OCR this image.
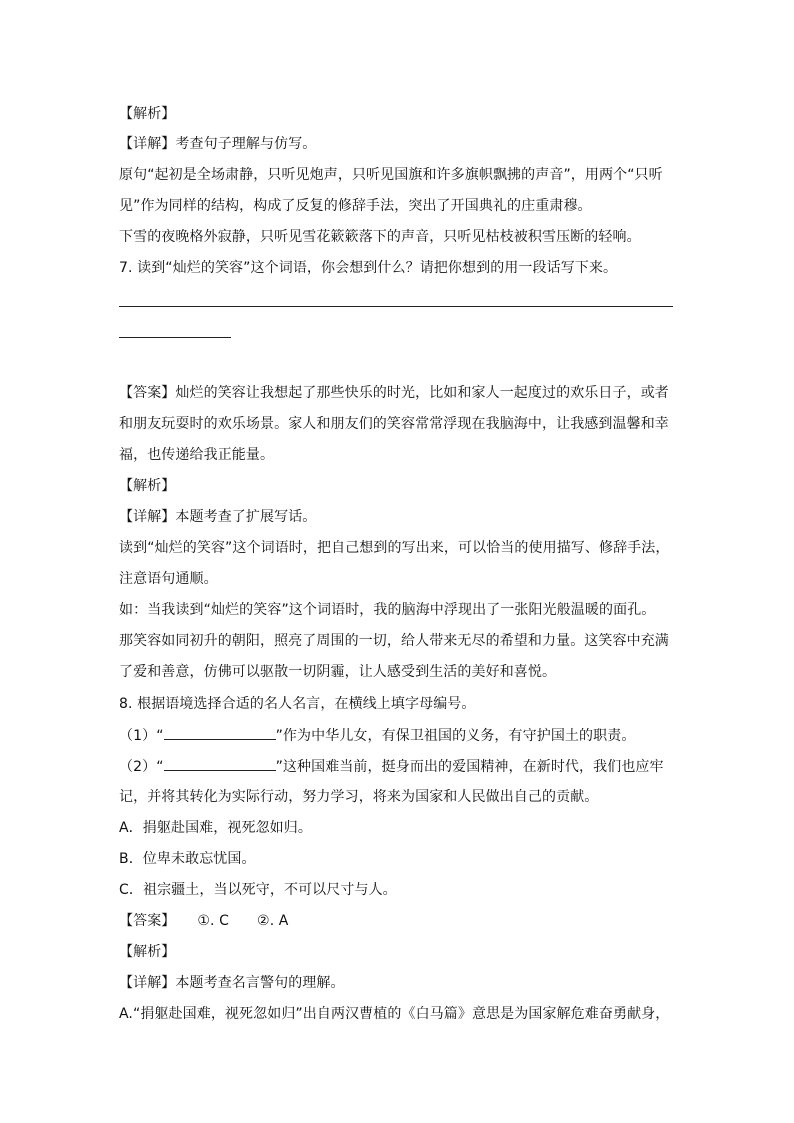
【解析】
【详解】考查句子理解与仿写。
原句“起初是全场肃静，只听见炮声，只听见国旗和许多旗帜飘拂的声音”，用两个“只听
见”作为同样的结构，构成了反复的修辞手法，突出了开国典礼的庄重肃穆。
下雪的夜晚格外寂静，只听见雪花簌簌落下的声音，只听见枯枝被积雪压断的轻响。
7. 读到“灿烂的笑容”这个词语，你会想到什么？请把你想到的用一段话写下来。
【答案】灿烂的笑容让我想起了那些快乐的时光，比如和家人一起度过的欢乐日子，或者
和朋友玩耍时的欢乐场景。家人和朋友们的笑容常常浮现在我脑海中，让我感到温馨和幸
福，也传递给我正能量。
【解析】
【详解】本题考查了扩展写话。
读到“灿烂的笑容”这个词语时，把自己想到的写出来，可以恰当的使用描写、修辞手法，
注意语句通顺。
如：当我读到“灿烂的笑容”这个词语时，我的脑海中浮现出了一张阳光般温暖的面孔。
那笑容如同初升的朝阳，照亮了周围的一切，给人带来无尽的希望和力量。这笑容中充满
了爱和善意，仿佛可以驱散一切阴霾，让人感受到生活的美好和喜悦。
8. 根据语境选择合适的名人名言，在横线上填字母编号。
（1）“	”作为中华儿女，有保卫祖国的义务，有守护国土的职责。
（2）“	”这种国难当前，挺身而出的爱国精神，在新时代，我们也应牢
记，并将其转化为实际行动，努力学习，将来为国家和人民做出自己的贡献。
A．捐躯赴国难，视死忽如归。
B．位卑未敢忘忧国。
C．祖宗疆土，当以死守，不可以尺寸与人。
【答案】 ①. C ②. A
【解析】
【详解】本题考查名言警句的理解。
A.“捐躯赴国难，视死忽如归”出自两汉曹植的《白马篇》意思是为国家解危难奋勇献身，
